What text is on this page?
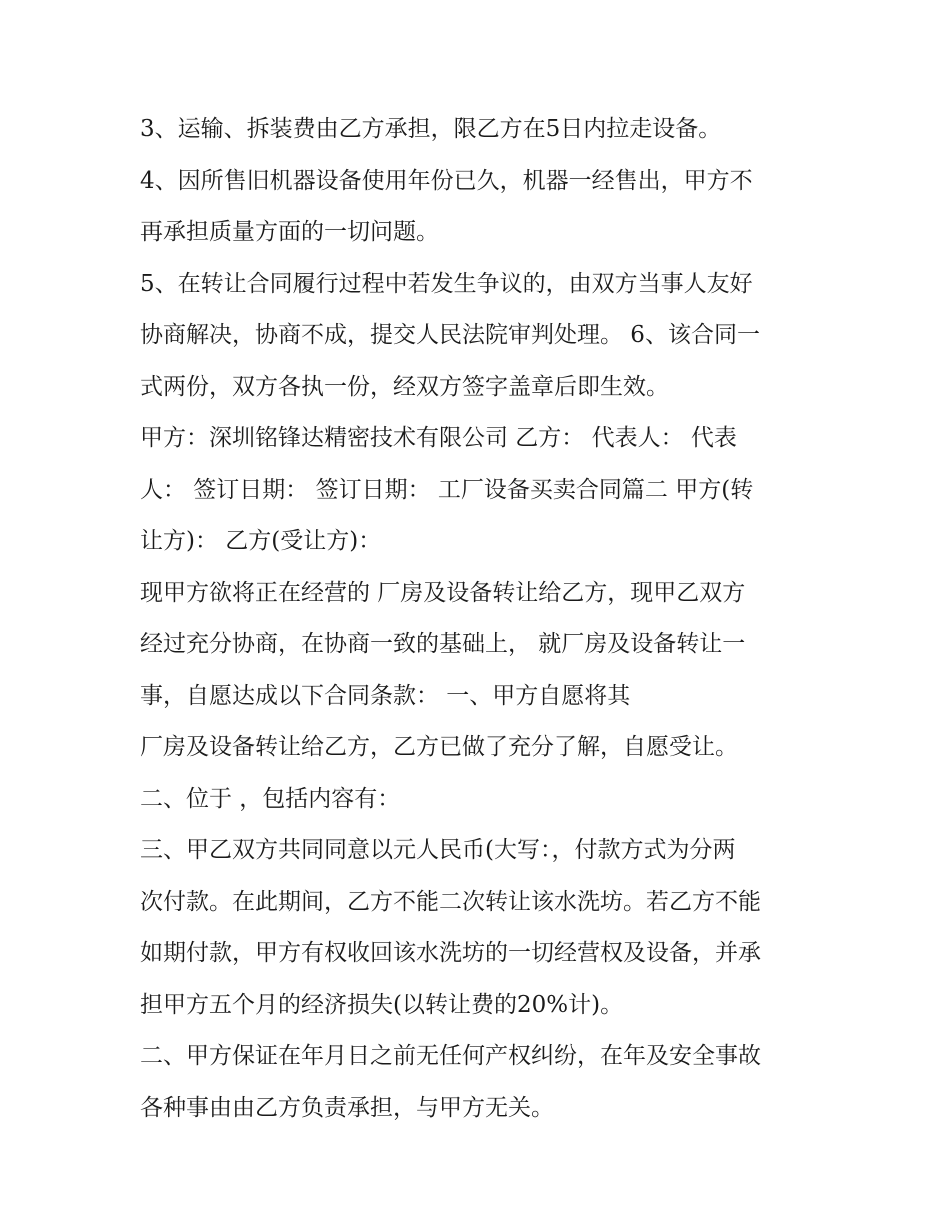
3、运输、拆装费由乙方承担，限乙方在5日内拉走设备。
4、因所售旧机器设备使用年份已久，机器一经售出，甲方不
再承担质量方面的一切问题。
5、在转让合同履行过程中若发生争议的，由双方当事人友好
协商解决，协商不成，提交人民法院审判处理。 6、该合同一
式两份，双方各执一份，经双方签字盖章后即生效。
甲方：深圳铭锋达精密技术有限公司 乙方： 代表人： 代表
人： 签订日期： 签订日期： 工厂设备买卖合同篇二 甲方(转
让方)： 乙方(受让方)：
现甲方欲将正在经营的 厂房及设备转让给乙方，现甲乙双方
经过充分协商，在协商一致的基础上， 就厂房及设备转让一
事，自愿达成以下合同条款： 一、甲方自愿将其
厂房及设备转让给乙方，乙方已做了充分了解，自愿受让。
二、位于 ，包括内容有：
三、甲乙双方共同同意以元人民币(大写：，付款方式为分两
次付款。在此期间，乙方不能二次转让该水洗坊。若乙方不能
如期付款，甲方有权收回该水洗坊的一切经营权及设备，并承
担甲方五个月的经济损失(以转让费的20%计)。
二、甲方保证在年月日之前无任何产权纠纷，在年及安全事故
各种事由由乙方负责承担，与甲方无关。
